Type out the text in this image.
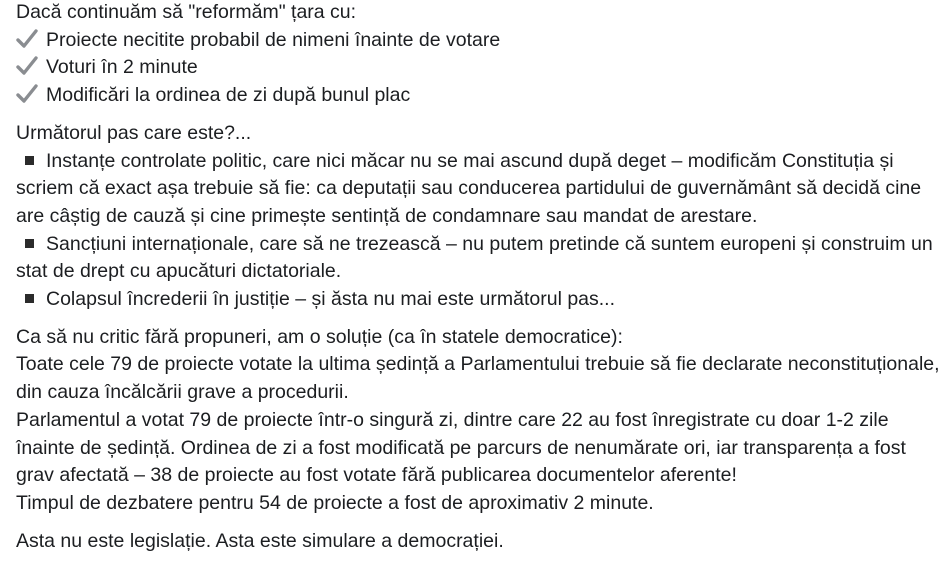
Dacă continuăm să "reformăm" țara cu:
Proiecte necitite probabil de nimeni înainte de votare
Voturi în 2 minute
Modificări la ordinea de zi după bunul plac
Următorul pas care este?...
Instanțe controlate politic, care nici măcar nu se mai ascund după deget – modificăm Constituția și scriem că exact așa trebuie să fie: ca deputații sau conducerea partidului de guvernământ să decidă cine are câștig de cauză și cine primește sentință de condamnare sau mandat de arestare.
Sancțiuni internaționale, care să ne trezească – nu putem pretinde că suntem europeni și construim un stat de drept cu apucături dictatoriale.
Colapsul încrederii în justiție – și ăsta nu mai este următorul pas...
Ca să nu critic fără propuneri, am o soluție (ca în statele democratice):
Toate cele 79 de proiecte votate la ultima ședință a Parlamentului trebuie să fie declarate neconstituționale, din cauza încălcării grave a procedurii.
Parlamentul a votat 79 de proiecte într-o singură zi, dintre care 22 au fost înregistrate cu doar 1-2 zile înainte de ședință. Ordinea de zi a fost modificată pe parcurs de nenumărate ori, iar transparența a fost grav afectată – 38 de proiecte au fost votate fără publicarea documentelor aferente!
Timpul de dezbatere pentru 54 de proiecte a fost de aproximativ 2 minute.
Asta nu este legislație. Asta este simulare a democrației.
